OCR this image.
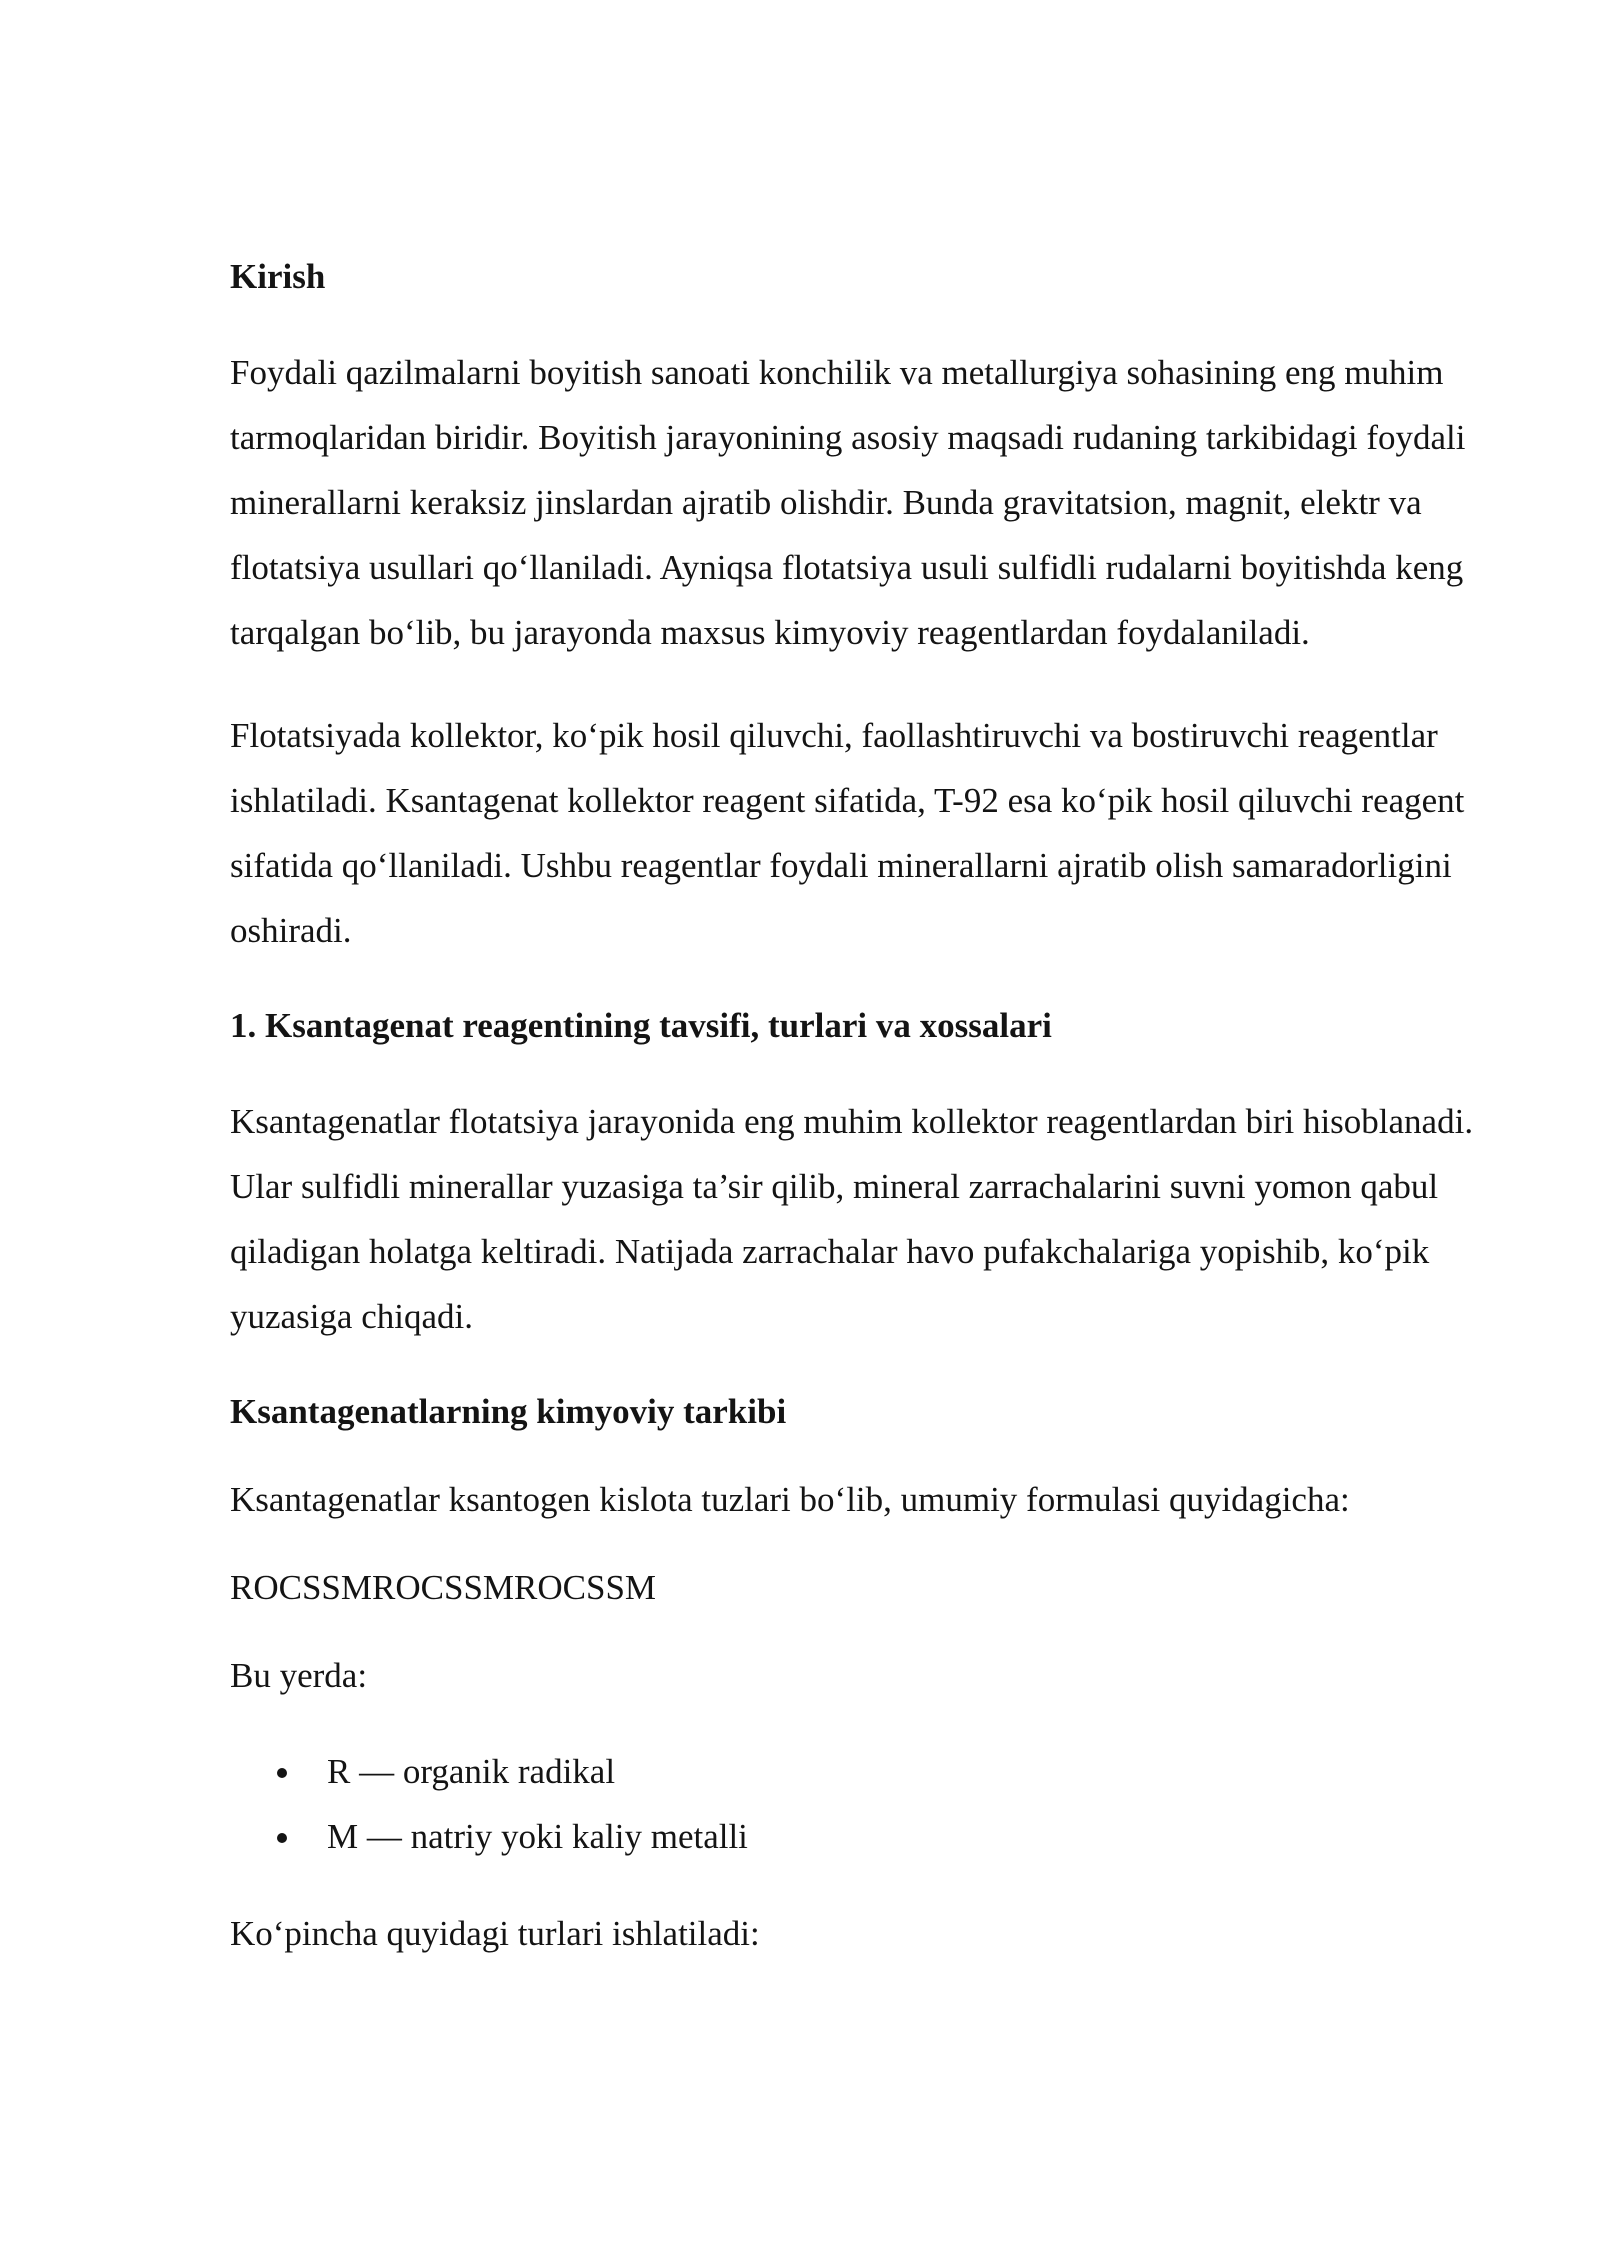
Kirish
Foydali qazilmalarni boyitish sanoati konchilik va metallurgiya sohasining eng muhim tarmoqlaridan biridir. Boyitish jarayonining asosiy maqsadi rudaning tarkibidagi foydali minerallarni keraksiz jinslardan ajratib olishdir. Bunda gravitatsion, magnit, elektr va flotatsiya usullari qo‘llaniladi. Ayniqsa flotatsiya usuli sulfidli rudalarni boyitishda keng tarqalgan bo‘lib, bu jarayonda maxsus kimyoviy reagentlardan foydalaniladi.
Flotatsiyada kollektor, ko‘pik hosil qiluvchi, faollashtiruvchi va bostiruvchi reagentlar ishlatiladi. Ksantagenat kollektor reagent sifatida, T-92 esa ko‘pik hosil qiluvchi reagent sifatida qo‘llaniladi. Ushbu reagentlar foydali minerallarni ajratib olish samaradorligini oshiradi.
1. Ksantagenat reagentining tavsifi, turlari va xossalari
Ksantagenatlar flotatsiya jarayonida eng muhim kollektor reagentlardan biri hisoblanadi. Ular sulfidli minerallar yuzasiga ta’sir qilib, mineral zarrachalarini suvni yomon qabul qiladigan holatga keltiradi. Natijada zarrachalar havo pufakchalariga yopishib, ko‘pik yuzasiga chiqadi.
Ksantagenatlarning kimyoviy tarkibi
Ksantagenatlar ksantogen kislota tuzlari bo‘lib, umumiy formulasi quyidagicha:
ROCSSMROCSSMROCSSM
Bu yerda:
R — organik radikal
M — natriy yoki kaliy metalli
Ko‘pincha quyidagi turlari ishlatiladi:
